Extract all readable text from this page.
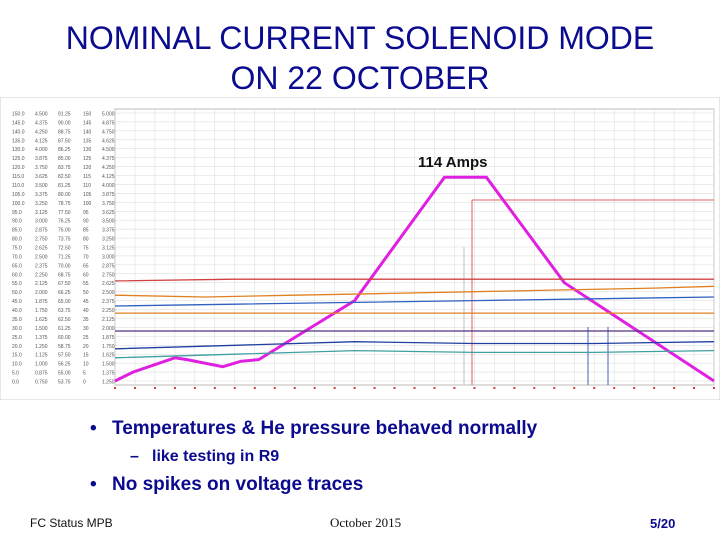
NOMINAL CURRENT SOLENOID MODE
ON 22 OCTOBER
150.0
145.0
140.0
135.0
130.0
125.0
120.0
115.0
110.0
105.0
100.0
95.0
90.0
85.0
80.0
75.0
70.0
65.0
60.0
55.0
50.0
45.0
40.0
35.0
30.0
25.0
20.0
15.0
10.0
5.0
0.0
4.500
4.375
4.250
4.125
4.000
3.875
3.750
3.625
3.500
3.375
3.250
3.125
3.000
2.875
2.750
2.625
2.500
2.375
2.250
2.125
2.000
1.875
1.750
1.625
1.500
1.375
1.250
1.125
1.000
0.875
0.750
91.25
90.00
88.75
87.50
86.25
85.00
83.75
82.50
81.25
80.00
78.75
77.50
76.25
75.00
73.75
72.50
71.25
70.00
68.75
67.50
66.25
65.00
63.75
62.50
61.25
60.00
58.75
57.50
56.25
55.00
53.75
150
145
140
135
130
125
120
115
110
105
100
95
90
85
80
75
70
65
60
55
50
45
40
35
30
25
20
15
10
5
0
5.000
4.875
4.750
4.625
4.500
4.375
4.250
4.125
4.000
3.875
3.750
3.625
3.500
3.375
3.250
3.125
3.000
2.875
2.750
2.625
2.500
2.375
2.250
2.125
2.000
1.875
1.750
1.625
1.500
1.375
1.250
114 Amps
• Temperatures & He pressure behaved normally
– like testing in R9
• No spikes on voltage traces
FC Status MPB	October 2015	5/20
